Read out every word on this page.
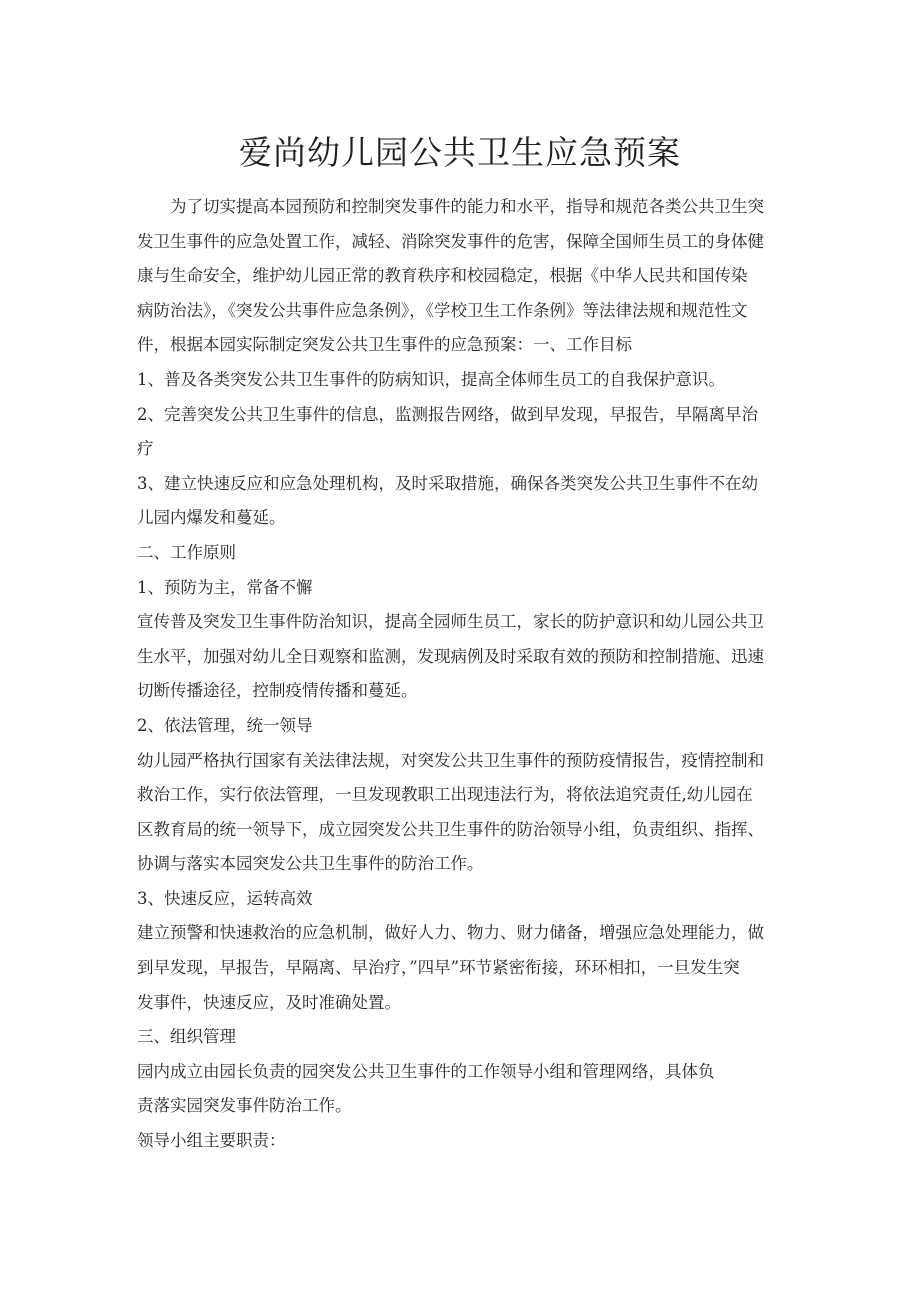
爱尚幼儿园公共卫生应急预案
为了切实提高本园预防和控制突发事件的能力和水平，指导和规范各类公共卫生突
发卫生事件的应急处置工作，减轻、消除突发事件的危害，保障全国师生员工的身体健
康与生命安全，维护幼儿园正常的教育秩序和校园稳定，根据《中华人民共和国传染
病防治法》，《突发公共事件应急条例》，《学校卫生工作条例》等法律法规和规范性文
件，根据本园实际制定突发公共卫生事件的应急预案：一、工作目标
1、普及各类突发公共卫生事件的防病知识，提高全体师生员工的自我保护意识。
2、完善突发公共卫生事件的信息，监测报告网络，做到早发现，早报告，早隔离早治
疗
3、建立快速反应和应急处理机构，及时采取措施，确保各类突发公共卫生事件不在幼
儿园内爆发和蔓延。
二、工作原则
1、预防为主，常备不懈
宣传普及突发卫生事件防治知识，提高全园师生员工，家长的防护意识和幼儿园公共卫
生水平，加强对幼儿全日观察和监测，发现病例及时采取有效的预防和控制措施、迅速
切断传播途径，控制疫情传播和蔓延。
2、依法管理，统一领导
幼儿园严格执行国家有关法律法规，对突发公共卫生事件的预防疫情报告，疫情控制和
救治工作，实行依法管理，一旦发现教职工出现违法行为，将依法追究责任,幼儿园在
区教育局的统一领导下，成立园突发公共卫生事件的防治领导小组，负责组织、指挥、
协调与落实本园突发公共卫生事件的防治工作。
3、快速反应，运转高效
建立预警和快速救治的应急机制，做好人力、物力、财力储备，增强应急处理能力，做
到早发现，早报告，早隔离、早治疗，”四早”环节紧密衔接，环环相扣，一旦发生突
发事件，快速反应，及时准确处置。
三、组织管理
园内成立由园长负责的园突发公共卫生事件的工作领导小组和管理网络，具体负
责落实园突发事件防治工作。
领导小组主要职责：
